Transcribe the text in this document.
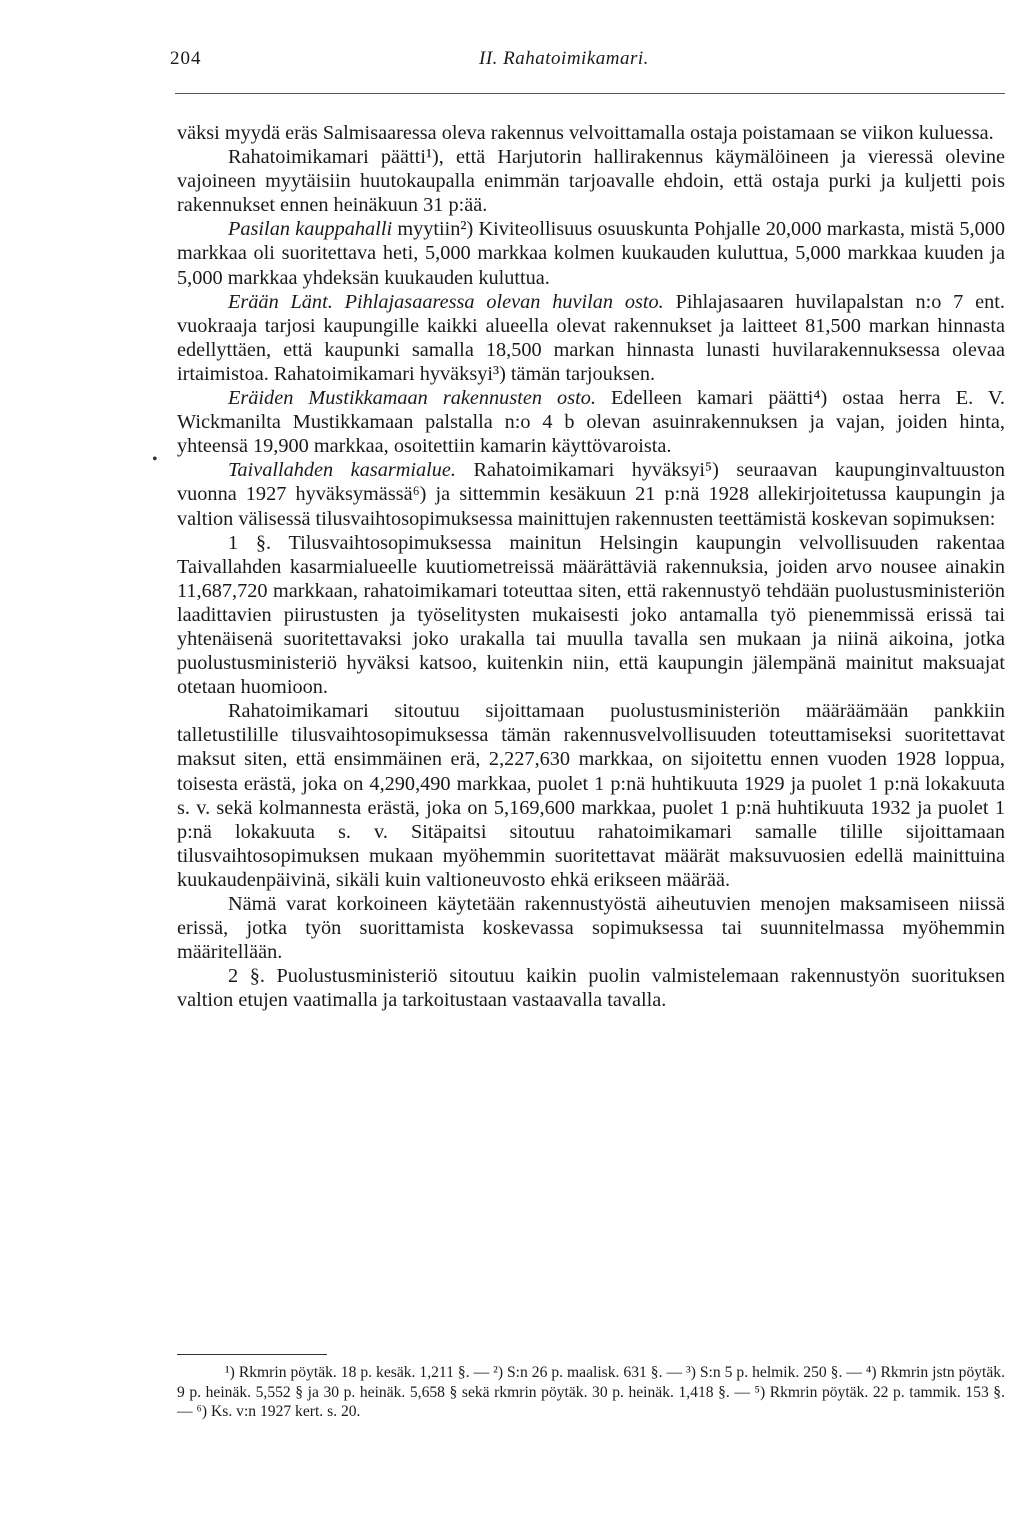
204	II. Rahatoimikamari.
•

väksi myydä eräs Salmisaaressa oleva rakennus velvoittamalla ostaja poistamaan se viikon kuluessa.

Rahatoimikamari päätti¹), että Harjutorin hallirakennus käymälöineen ja vieressä olevine vajoineen myytäisiin huutokaupalla enimmän tarjoavalle ehdoin, että ostaja purki ja kuljetti pois rakennukset ennen heinäkuun 31 p:ää.

Pasilan kauppahalli myytiin²) Kiviteollisuus osuuskunta Pohjalle 20,000 markasta, mistä 5,000 markkaa oli suoritettava heti, 5,000 markkaa kolmen kuukauden kuluttua, 5,000 markkaa kuuden ja 5,000 markkaa yhdeksän kuukauden kuluttua.

Erään Länt. Pihlajasaaressa olevan huvilan osto. Pihlajasaaren huvilapalstan n:o 7 ent. vuokraaja tarjosi kaupungille kaikki alueella olevat rakennukset ja laitteet 81,500 markan hinnasta edellyttäen, että kaupunki samalla 18,500 markan hinnasta lunasti huvilarakennuksessa olevaa irtaimistoa. Rahatoimikamari hyväksyi³) tämän tarjouksen.

Eräiden Mustikkamaan rakennusten osto. Edelleen kamari päätti⁴) ostaa herra E. V. Wickmanilta Mustikkamaan palstalla n:o 4 b olevan asuinrakennuksen ja vajan, joiden hinta, yhteensä 19,900 markkaa, osoitettiin kamarin käyttövaroista.

Taivallahden kasarmialue. Rahatoimikamari hyväksyi⁵) seuraavan kaupunginvaltuuston vuonna 1927 hyväksymässä⁶) ja sittemmin kesäkuun 21 p:nä 1928 allekirjoitetussa kaupungin ja valtion välisessä tilusvaihtosopimuksessa mainittujen rakennusten teettämistä koskevan sopimuksen:

1 §. Tilusvaihtosopimuksessa mainitun Helsingin kaupungin velvollisuuden rakentaa Taivallahden kasarmialueelle kuutiometreissä määrättäviä rakennuksia, joiden arvo nousee ainakin 11,687,720 markkaan, rahatoimikamari toteuttaa siten, että rakennustyö tehdään puolustusministeriön laadittavien piirustusten ja työselitysten mukaisesti joko antamalla työ pienemmissä erissä tai yhtenäisenä suoritettavaksi joko urakalla tai muulla tavalla sen mukaan ja niinä aikoina, jotka puolustusministeriö hyväksi katsoo, kuitenkin niin, että kaupungin jälempänä mainitut maksuajat otetaan huomioon.

Rahatoimikamari sitoutuu sijoittamaan puolustusministeriön määräämään pankkiin talletustilille tilusvaihtosopimuksessa tämän rakennusvelvollisuuden toteuttamiseksi suoritettavat maksut siten, että ensimmäinen erä, 2,227,630 markkaa, on sijoitettu ennen vuoden 1928 loppua, toisesta erästä, joka on 4,290,490 markkaa, puolet 1 p:nä huhtikuuta 1929 ja puolet 1 p:nä lokakuuta s. v. sekä kolmannesta erästä, joka on 5,169,600 markkaa, puolet 1 p:nä huhtikuuta 1932 ja puolet 1 p:nä lokakuuta s. v. Sitäpaitsi sitoutuu rahatoimikamari samalle tilille sijoittamaan tilusvaihtosopimuksen mukaan myöhemmin suoritettavat määrät maksuvuosien edellä mainittuina kuukaudenpäivinä, sikäli kuin valtioneuvosto ehkä erikseen määrää.

Nämä varat korkoineen käytetään rakennustyöstä aiheutuvien menojen maksamiseen niissä erissä, jotka työn suorittamista koskevassa sopimuksessa tai suunnitelmassa myöhemmin määritellään.

2 §. Puolustusministeriö sitoutuu kaikin puolin valmistelemaan rakennustyön suorituksen valtion etujen vaatimalla ja tarkoitustaan vastaavalla tavalla.

¹) Rkmrin pöytäk. 18 p. kesäk. 1,211 §. — ²) S:n 26 p. maalisk. 631 §. — ³) S:n 5 p. helmik. 250 §. — ⁴) Rkmrin jstn pöytäk. 9 p. heinäk. 5,552 § ja 30 p. heinäk. 5,658 § sekä rkmrin pöytäk. 30 p. heinäk. 1,418 §. — ⁵) Rkmrin pöytäk. 22 p. tammik. 153 §. — ⁶) Ks. v:n 1927 kert. s. 20.
